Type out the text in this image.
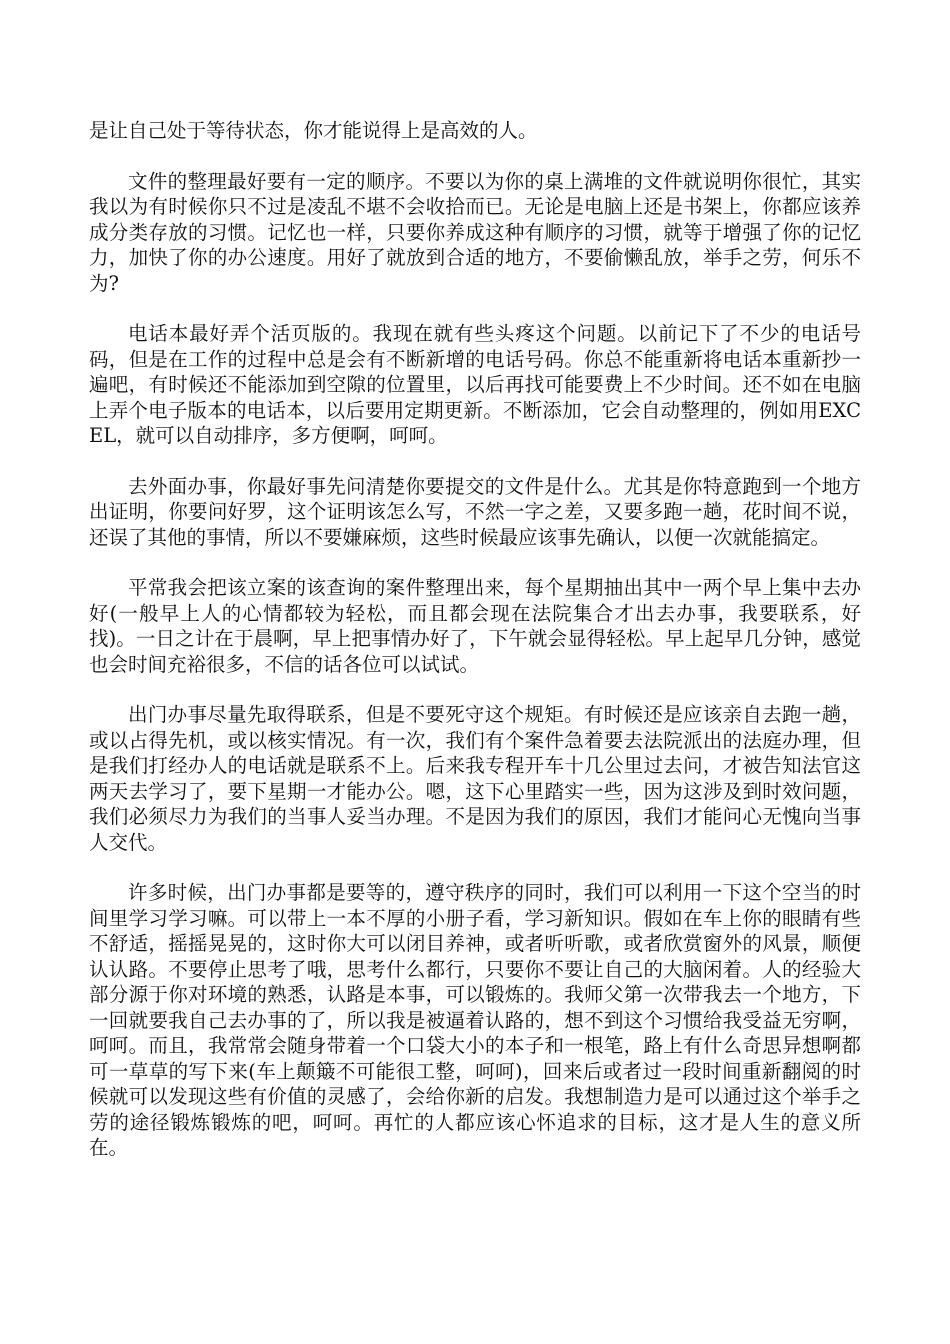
是让自己处于等待状态，你才能说得上是高效的人。

文件的整理最好要有一定的顺序。不要以为你的桌上满堆的文件就说明你很忙，其实我以为有时候你只不过是凌乱不堪不会收拾而已。无论是电脑上还是书架上，你都应该养成分类存放的习惯。记忆也一样，只要你养成这种有顺序的习惯，就等于增强了你的记忆力，加快了你的办公速度。用好了就放到合适的地方，不要偷懒乱放，举手之劳，何乐不为?

电话本最好弄个活页版的。我现在就有些头疼这个问题。以前记下了不少的电话号码，但是在工作的过程中总是会有不断新增的电话号码。你总不能重新将电话本重新抄一遍吧，有时候还不能添加到空隙的位置里，以后再找可能要费上不少时间。还不如在电脑上弄个电子版本的电话本，以后要用定期更新。不断添加，它会自动整理的，例如用EXCEL，就可以自动排序，多方便啊，呵呵。

去外面办事，你最好事先问清楚你要提交的文件是什么。尤其是你特意跑到一个地方出证明，你要问好罗，这个证明该怎么写，不然一字之差，又要多跑一趟，花时间不说，还误了其他的事情，所以不要嫌麻烦，这些时候最应该事先确认，以便一次就能搞定。

平常我会把该立案的该查询的案件整理出来，每个星期抽出其中一两个早上集中去办好(一般早上人的心情都较为轻松，而且都会现在法院集合才出去办事，我要联系，好找)。一日之计在于晨啊，早上把事情办好了，下午就会显得轻松。早上起早几分钟，感觉也会时间充裕很多，不信的话各位可以试试。

出门办事尽量先取得联系，但是不要死守这个规矩。有时候还是应该亲自去跑一趟，或以占得先机，或以核实情况。有一次，我们有个案件急着要去法院派出的法庭办理，但是我们打经办人的电话就是联系不上。后来我专程开车十几公里过去问，才被告知法官这两天去学习了，要下星期一才能办公。嗯，这下心里踏实一些，因为这涉及到时效问题，我们必须尽力为我们的当事人妥当办理。不是因为我们的原因，我们才能问心无愧向当事人交代。

许多时候，出门办事都是要等的，遵守秩序的同时，我们可以利用一下这个空当的时间里学习学习嘛。可以带上一本不厚的小册子看，学习新知识。假如在车上你的眼睛有些不舒适，摇摇晃晃的，这时你大可以闭目养神，或者听听歌，或者欣赏窗外的风景，顺便认认路。不要停止思考了哦，思考什么都行，只要你不要让自己的大脑闲着。人的经验大部分源于你对环境的熟悉，认路是本事，可以锻炼的。我师父第一次带我去一个地方，下一回就要我自己去办事的了，所以我是被逼着认路的，想不到这个习惯给我受益无穷啊，呵呵。而且，我常常会随身带着一个口袋大小的本子和一根笔，路上有什么奇思异想啊都可一草草的写下来(车上颠簸不可能很工整，呵呵)，回来后或者过一段时间重新翻阅的时候就可以发现这些有价值的灵感了，会给你新的启发。我想制造力是可以通过这个举手之劳的途径锻炼锻炼的吧，呵呵。再忙的人都应该心怀追求的目标，这才是人生的意义所在。
